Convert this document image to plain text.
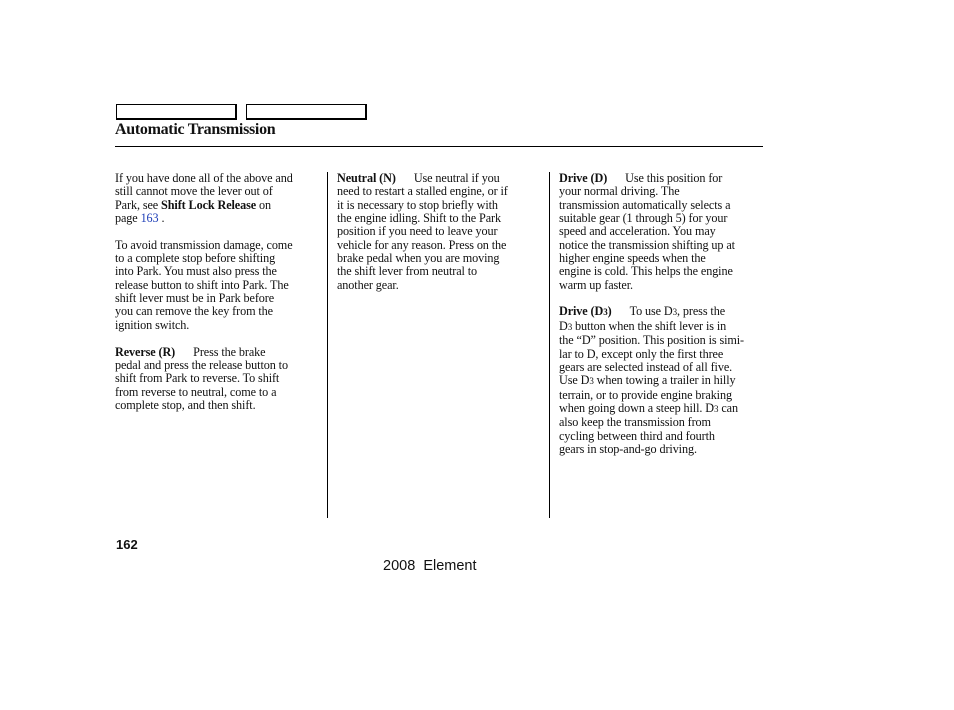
Automatic Transmission

If you have done all of the above and
still cannot move the lever out of
Park, see Shift Lock Release on
page 163 .

To avoid transmission damage, come
to a complete stop before shifting
into Park. You must also press the
release button to shift into Park. The
shift lever must be in Park before
you can remove the key from the
ignition switch.

Reverse (R) Press the brake
pedal and press the release button to
shift from Park to reverse. To shift
from reverse to neutral, come to a
complete stop, and then shift.

Neutral (N) Use neutral if you
need to restart a stalled engine, or if
it is necessary to stop briefly with
the engine idling. Shift to the Park
position if you need to leave your
vehicle for any reason. Press on the
brake pedal when you are moving
the shift lever from neutral to
another gear.

Drive (D) Use this position for
your normal driving. The
transmission automatically selects a
suitable gear (1 through 5) for your
speed and acceleration. You may
notice the transmission shifting up at
higher engine speeds when the
engine is cold. This helps the engine
warm up faster.

Drive (D3) To use D3, press the
D3 button when the shift lever is in
the “D” position. This position is simi-
lar to D, except only the first three
gears are selected instead of all five.
Use D3 when towing a trailer in hilly
terrain, or to provide engine braking
when going down a steep hill. D3 can
also keep the transmission from
cycling between third and fourth
gears in stop-and-go driving.

162
2008  Element
